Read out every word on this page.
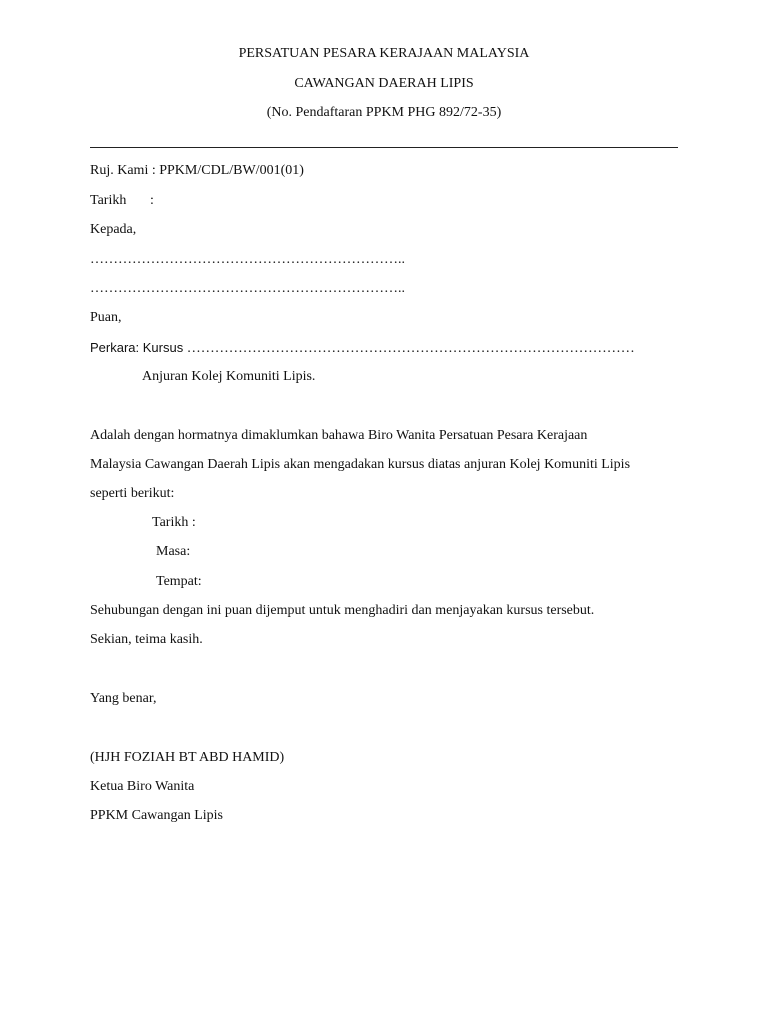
PERSATUAN PESARA KERAJAAN MALAYSIA
CAWANGAN DAERAH LIPIS
(No. Pendaftaran PPKM PHG 892/72-35)
Ruj. Kami : PPKM/CDL/BW/001(01)
Tarikh :
Kepada,
…………………………………………………………..
…………………………………………………………..
Puan,
Perkara: Kursus ……………………………………………………………………………………
Anjuran Kolej Komuniti Lipis.
Adalah dengan hormatnya dimaklumkan bahawa Biro Wanita Persatuan Pesara Kerajaan
Malaysia Cawangan Daerah Lipis akan mengadakan kursus diatas anjuran Kolej Komuniti Lipis
seperti berikut:
Tarikh :
Masa:
Tempat:
Sehubungan dengan ini puan dijemput untuk menghadiri dan menjayakan kursus tersebut.
Sekian, teima kasih.
Yang benar,
(HJH FOZIAH BT ABD HAMID)
Ketua Biro Wanita
PPKM Cawangan Lipis
